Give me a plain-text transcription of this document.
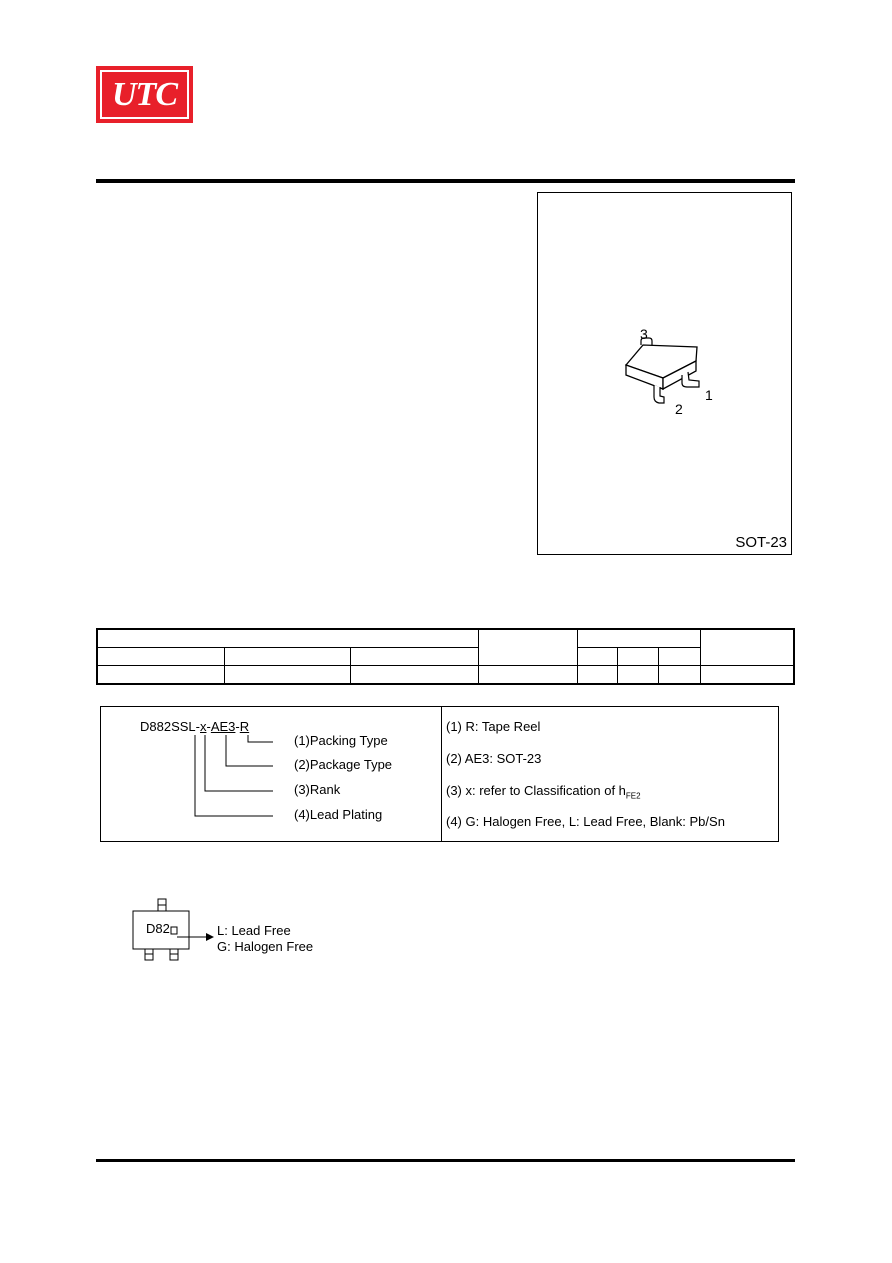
UTC
3
1
2
SOT-23

D882SSL-x-AE3-R
(1)Packing Type
(2)Package Type
(3)Rank
(4)Lead Plating
(1) R: Tape Reel
(2) AE3: SOT-23
(3) x: refer to Classification of $h_{FE2}$
(4) G: Halogen Free, L: Lead Free, Blank: Pb/Sn
D82	L: Lead Free
G: Halogen Free
